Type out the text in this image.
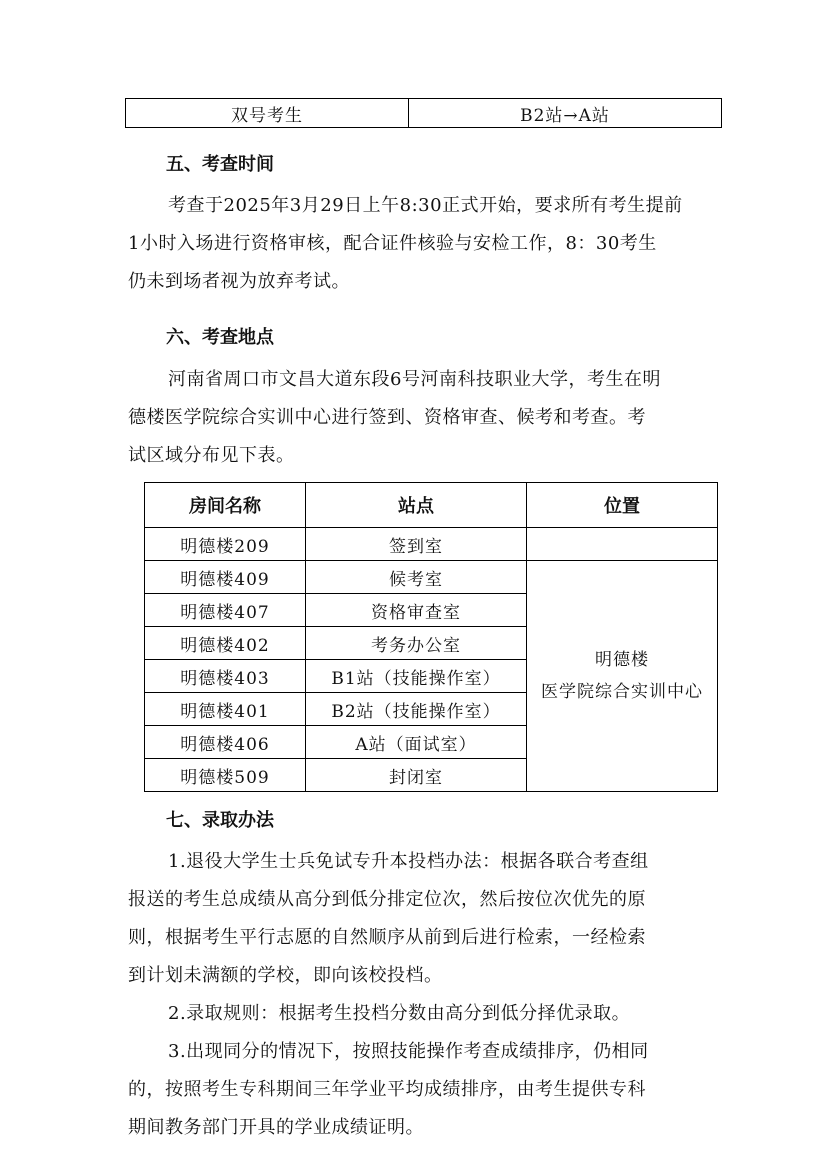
双号考生	B2站→A站
五、考查时间
考查于2025年3月29日上午8:30正式开始，要求所有考生提前
1小时入场进行资格审核，配合证件核验与安检工作，8：30考生
仍未到场者视为放弃考试。
六、考查地点
河南省周口市文昌大道东段6号河南科技职业大学，考生在明
德楼医学院综合实训中心进行签到、资格审查、候考和考查。考
试区域分布见下表。
房间名称	站点	位置
明德楼209	签到室	
明德楼409	候考室	明德楼
医学院综合实训中心

明德楼407	资格审查室	
明德楼402	考务办公室	
明德楼403	B1站（技能操作室）	
明德楼401	B2站（技能操作室）	
明德楼406	A站（面试室）	
明德楼509	封闭室	
七、录取办法
1.退役大学生士兵免试专升本投档办法：根据各联合考查组
报送的考生总成绩从高分到低分排定位次，然后按位次优先的原
则，根据考生平行志愿的自然顺序从前到后进行检索，一经检索
到计划未满额的学校，即向该校投档。
2.录取规则：根据考生投档分数由高分到低分择优录取。
3.出现同分的情况下，按照技能操作考查成绩排序，仍相同
的，按照考生专科期间三年学业平均成绩排序，由考生提供专科
期间教务部门开具的学业成绩证明。
